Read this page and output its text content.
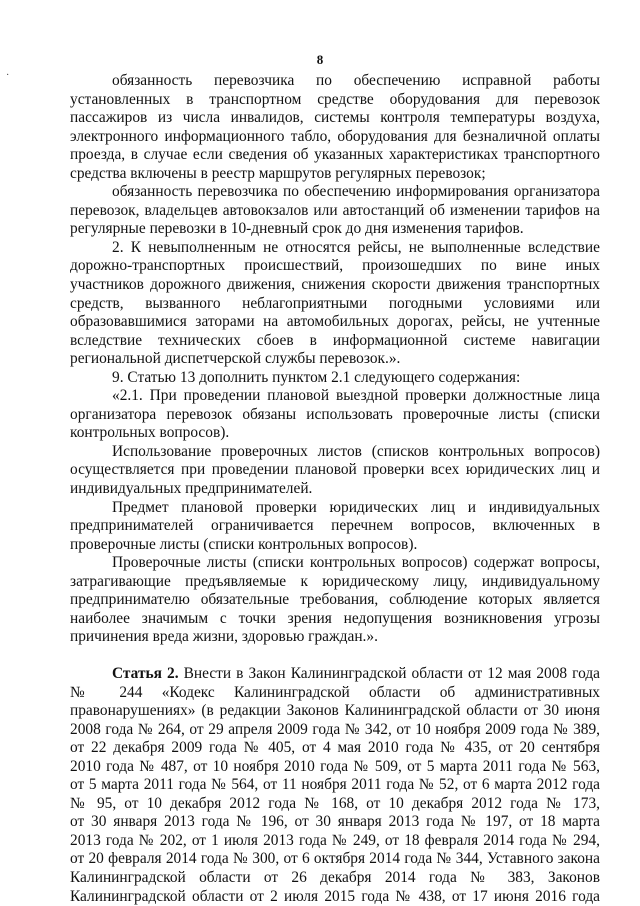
8
·	обязанность перевозчика по обеспечению исправной работы

установленных в транспортном средстве оборудования для перевозок

пассажиров из числа инвалидов, системы контроля температуры воздуха,

электронного информационного табло, оборудования для безналичной оплаты

проезда, в случае если сведения об указанных характеристиках транспортного

средства включены в реестр маршрутов регулярных перевозок;

обязанность перевозчика по обеспечению информирования организатора

перевозок, владельцев автовокзалов или автостанций об изменении тарифов на

регулярные перевозки в 10-дневный срок до дня изменения тарифов.

2. К невыполненным не относятся рейсы, не выполненные вследствие

дорожно-транспортных происшествий, произошедших по вине иных

участников дорожного движения, снижения скорости движения транспортных

средств, вызванного неблагоприятными погодными условиями или

образовавшимися заторами на автомобильных дорогах, рейсы, не учтенные

вследствие технических сбоев в информационной системе навигации

региональной диспетчерской службы перевозок.».

9. Статью 13 дополнить пунктом 2.1 следующего содержания:

«2.1. При проведении плановой выездной проверки должностные лица

организатора перевозок обязаны использовать проверочные листы (списки

контрольных вопросов).

Использование проверочных листов (списков контрольных вопросов)

осуществляется при проведении плановой проверки всех юридических лиц и

индивидуальных предпринимателей.

Предмет плановой проверки юридических лиц и индивидуальных

предпринимателей ограничивается перечнем вопросов, включенных в

проверочные листы (списки контрольных вопросов).

Проверочные листы (списки контрольных вопросов) содержат вопросы,

затрагивающие предъявляемые к юридическому лицу, индивидуальному

предпринимателю обязательные требования, соблюдение которых является

наиболее значимым с точки зрения недопущения возникновения угрозы

причинения вреда жизни, здоровью граждан.».

Статья 2. Внести в Закон Калининградской области от 12 мая 2008 года

№ 244 «Кодекс Калининградской области об административных

правонарушениях» (в редакции Законов Калининградской области от 30 июня

2008 года № 264, от 29 апреля 2009 года № 342, от 10 ноября 2009 года № 389,

от 22 декабря 2009 года № 405, от 4 мая 2010 года № 435, от 20 сентября

2010 года № 487, от 10 ноября 2010 года № 509, от 5 марта 2011 года № 563,

от 5 марта 2011 года № 564, от 11 ноября 2011 года № 52, от 6 марта 2012 года

№ 95, от 10 декабря 2012 года № 168, от 10 декабря 2012 года № 173,

от 30 января 2013 года № 196, от 30 января 2013 года № 197, от 18 марта

2013 года № 202, от 1 июля 2013 года № 249, от 18 февраля 2014 года № 294,

от 20 февраля 2014 года № 300, от 6 октября 2014 года № 344, Уставного закона

Калининградской области от 26 декабря 2014 года № 383, Законов

Калининградской области от 2 июля 2015 года № 438, от 17 июня 2016 года
